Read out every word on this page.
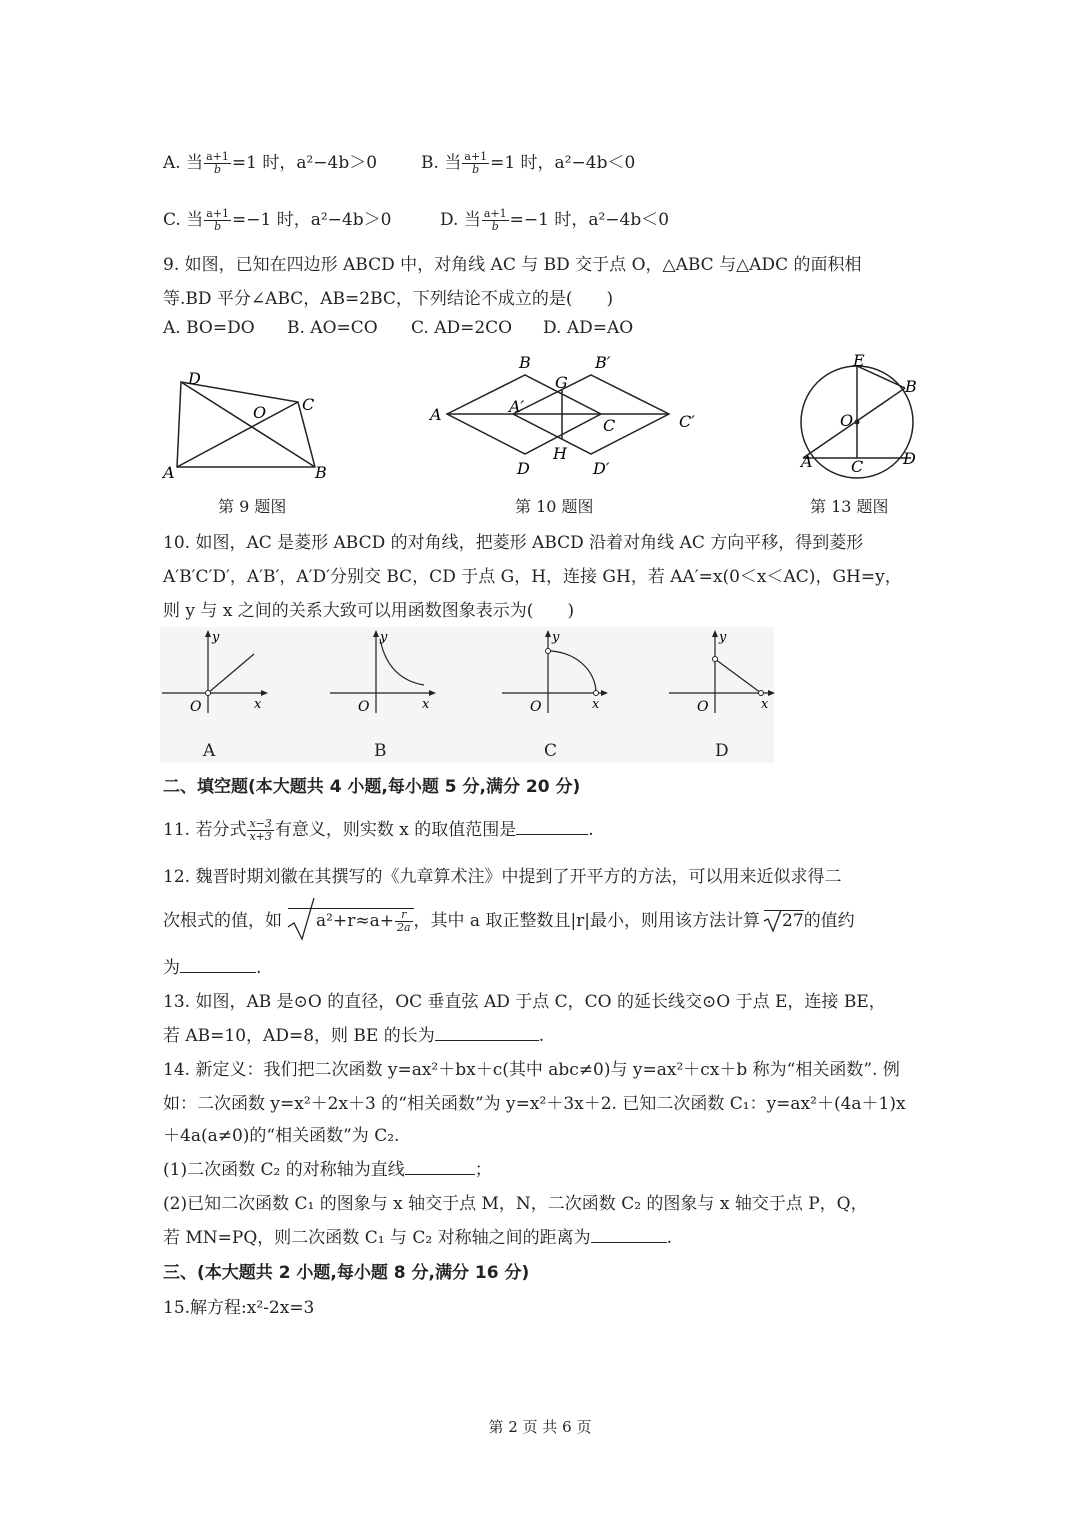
A. 当 $\frac{a+1}{b} =1$ 时，a²−4b＞0	B. 当 $\frac{a+1}{b} =1$ 时，a²−4b＜0
C. 当 $\frac{a+1}{b} =-1$ 时，a²−4b＞0	D. 当 $\frac{a+1}{b} =-1$ 时，a²−4b＜0
9. 如图，已知在四边形 ABCD 中，对角线 AC 与 BD 交于点 O，△ABC 与△ADC 的面积相
等.BD 平分∠ABC，AB=2BC，下列结论不成立的是(　　)
A. BO=DO B. AO=CO C. AD=2CO D. AD=AO
D
O C
A	B
第 9 题图
B	B′
G
A	A′
C	C′
D
H
D′
第 10 题图
E
B
O
A C D
第 13 题图
10. 如图，AC 是菱形 ABCD 的对角线，把菱形 ABCD 沿着对角线 AC 方向平移，得到菱形
A′B′C′D′，A′B′，A′D′分别交 BC，CD 于点 G，H，连接 GH，若 AA′=x(0＜x＜AC)，GH=y，
则 y 与 x 之间的关系大致可以用函数图象表示为(　　)
y
x
O
A
y
x
O
B
y
x
O
C
y
x
O
D
二、填空题(本大题共 4 小题,每小题 5 分,满分 20 分)
11. 若分式 $\frac{x-3}{x+3}$ 有意义，则实数 x 的取值范围是	.
12. 魏晋时期刘徽在其撰写的《九章算术注》中提到了开平方的方法，可以用来近似求得二
次根式的值，如 $a^2+r\approx a+ \frac{r}{2a}$ ，其中 a 取正整数且|r|最小，则用该方法计算 27的值约
为	.
13. 如图，AB 是⊙O 的直径，OC 垂直弦 AD 于点 C，CO 的延长线交⊙O 于点 E，连接 BE，
若 AB=10，AD=8，则 BE 的长为	.
14. 新定义：我们把二次函数 y=ax²＋bx＋c(其中 abc≠0)与 y=ax²＋cx＋b 称为“相关函数”. 例
如：二次函数 y=x²＋2x＋3 的“相关函数”为 y=x²＋3x＋2. 已知二次函数 C₁：y=ax²＋(4a＋1)x
＋4a(a≠0)的“相关函数”为 C₂.
(1)二次函数 C₂ 的对称轴为直线	；
(2)已知二次函数 C₁ 的图象与 x 轴交于点 M，N，二次函数 C₂ 的图象与 x 轴交于点 P，Q，
若 MN=PQ，则二次函数 C₁ 与 C₂ 对称轴之间的距离为	.
三、(本大题共 2 小题,每小题 8 分,满分 16 分)
15.解方程:x²-2x=3
第 2 页 共 6 页
